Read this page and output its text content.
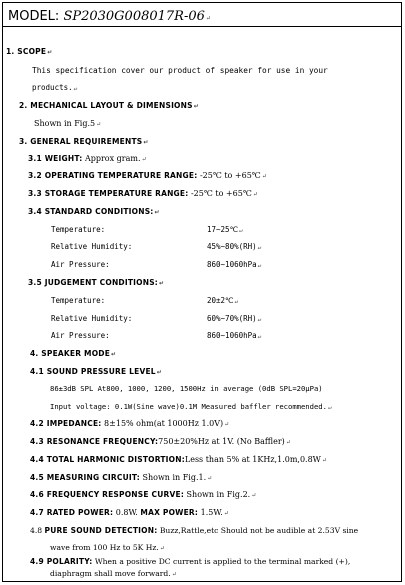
MODEL: SP2030G008017R-06↵
1. SCOPE↵
This specification cover our product of speaker for use in your
products.↵
2. MECHANICAL LAYOUT & DIMENSIONS↵
Shown in Fig.5↵
3. GENERAL REQUIREMENTS↵
3.1 WEIGHT: Approx gram.↵
3.2 OPERATING TEMPERATURE RANGE: -25℃ to +65℃↵
3.3 STORAGE TEMPERATURE RANGE: -25℃ to +65℃↵
3.4 STANDARD CONDITIONS:↵
Temperature:	17~25℃↵
Relative Humidity:	45%~80%(RH)↵
Air Pressure:	860~1060hPa↵
3.5 JUDGEMENT CONDITIONS:↵
Temperature:	20±2℃↵
Relative Humidity:	60%~70%(RH)↵
Air Pressure:	860~1060hPa↵
4. SPEAKER MODE↵
4.1 SOUND PRESSURE LEVEL↵
86±3dB SPL At800, 1000, 1200, 1500Hz in average (0dB SPL=20μPa)
Input voltage: 0.1W(Sine wave)0.1M Measured baffler recommended.↵
4.2 IMPEDANCE: 8±15% ohm(at 1000Hz 1.0V)↵
4.3 RESONANCE FREQUENCY:750±20%Hz at 1V. (No Baffler)↵
4.4 TOTAL HARMONIC DISTORTION:Less than 5% at 1KHz,1.0m,0.8W↵
4.5 MEASURING CIRCUIT: Shown in Fig.1.↵
4.6 FREQUENCY RESPONSE CURVE: Shown in Fig.2.↵
4.7 RATED POWER: 0.8W. MAX POWER: 1.5W.↵
4.8 PURE SOUND DETECTION: Buzz,Rattle,etc Should not be audible at 2.53V sine
wave from 100 Hz to 5K Hz.↵
4.9 POLARITY: When a positive DC current is applied to the terminal marked (+),
diaphragm shall move forward.↵
